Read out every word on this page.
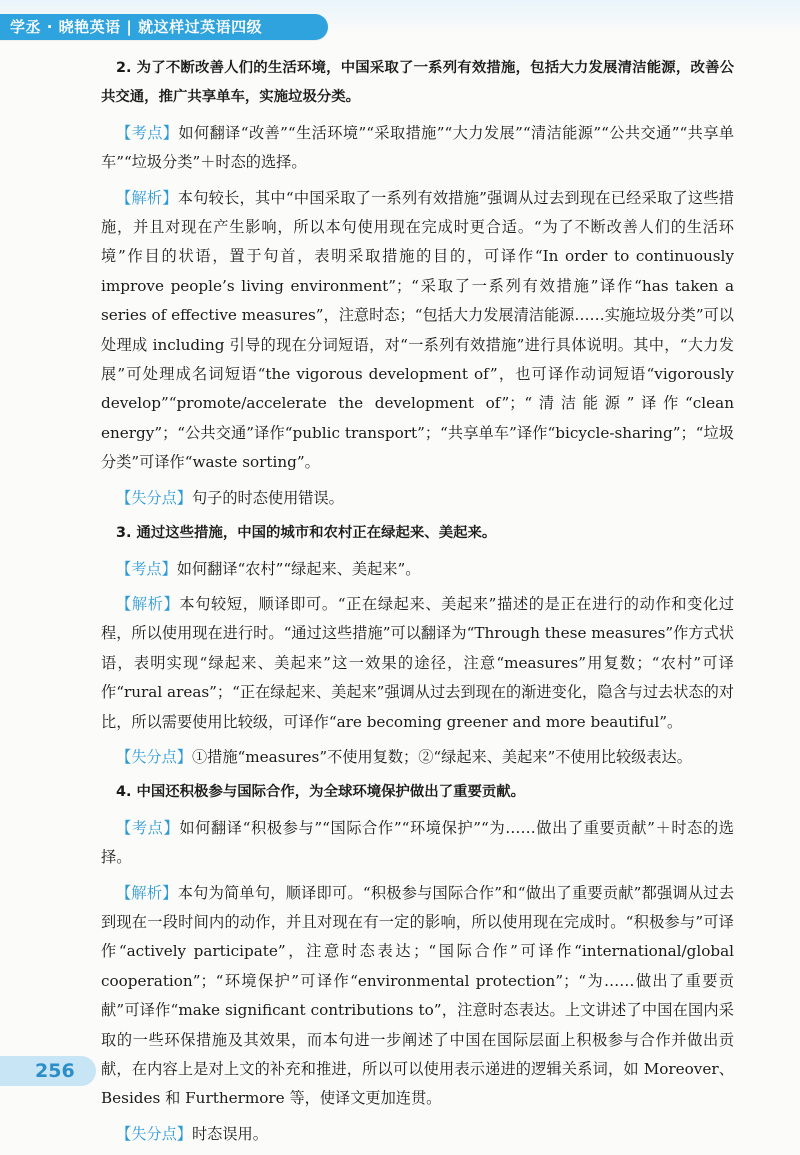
学丞 · 晓艳英语 | 就这样过英语四级

2. 为了不断改善人们的生活环境，中国采取了一系列有效措施，包括大力发展清洁能源，改善公共交通，推广共享单车，实施垃圾分类。

【考点】如何翻译“改善”“生活环境”“采取措施”“大力发展”“清洁能源”“公共交通”“共享单车”“垃圾分类”＋时态的选择。

【解析】本句较长，其中“中国采取了一系列有效措施”强调从过去到现在已经采取了这些措施，并且对现在产生影响，所以本句使用现在完成时更合适。“为了不断改善人们的生活环境”作目的状语，置于句首，表明采取措施的目的，可译作“In order to continuously improve people’s living environment”；“采取了一系列有效措施”译作“has taken a series of effective measures”，注意时态；“包括大力发展清洁能源……实施垃圾分类”可以处理成 including 引导的现在分词短语，对“一系列有效措施”进行具体说明。其中，“大力发展”可处理成名词短语“the vigorous development of”，也可译作动词短语“vigorously develop”“promote/accelerate the development of”；“清洁能源”译作“clean energy”；“公共交通”译作“public transport”；“共享单车”译作“bicycle-sharing”；“垃圾分类”可译作“waste sorting”。

【失分点】句子的时态使用错误。

3. 通过这些措施，中国的城市和农村正在绿起来、美起来。

【考点】如何翻译“农村”“绿起来、美起来”。

【解析】本句较短，顺译即可。“正在绿起来、美起来”描述的是正在进行的动作和变化过程，所以使用现在进行时。“通过这些措施”可以翻译为“Through these measures”作方式状语，表明实现“绿起来、美起来”这一效果的途径，注意“measures”用复数；“农村”可译作“rural areas”；“正在绿起来、美起来”强调从过去到现在的渐进变化，隐含与过去状态的对比，所以需要使用比较级，可译作“are becoming greener and more beautiful”。

【失分点】①措施“measures”不使用复数；②“绿起来、美起来”不使用比较级表达。

4. 中国还积极参与国际合作，为全球环境保护做出了重要贡献。

【考点】如何翻译“积极参与”“国际合作”“环境保护”“为……做出了重要贡献”＋时态的选择。

【解析】本句为简单句，顺译即可。“积极参与国际合作”和“做出了重要贡献”都强调从过去到现在一段时间内的动作，并且对现在有一定的影响，所以使用现在完成时。“积极参与”可译作“actively participate”，注意时态表达；“国际合作”可译作“international/global cooperation”；“环境保护”可译作“environmental protection”；“为……做出了重要贡献”可译作“make significant contributions to”，注意时态表达。上文讲述了中国在国内采取的一些环保措施及其效果，而本句进一步阐述了中国在国际层面上积极参与合作并做出贡献，在内容上是对上文的补充和推进，所以可以使用表示递进的逻辑关系词，如 Moreover、Besides 和 Furthermore 等，使译文更加连贯。

【失分点】时态误用。

256
